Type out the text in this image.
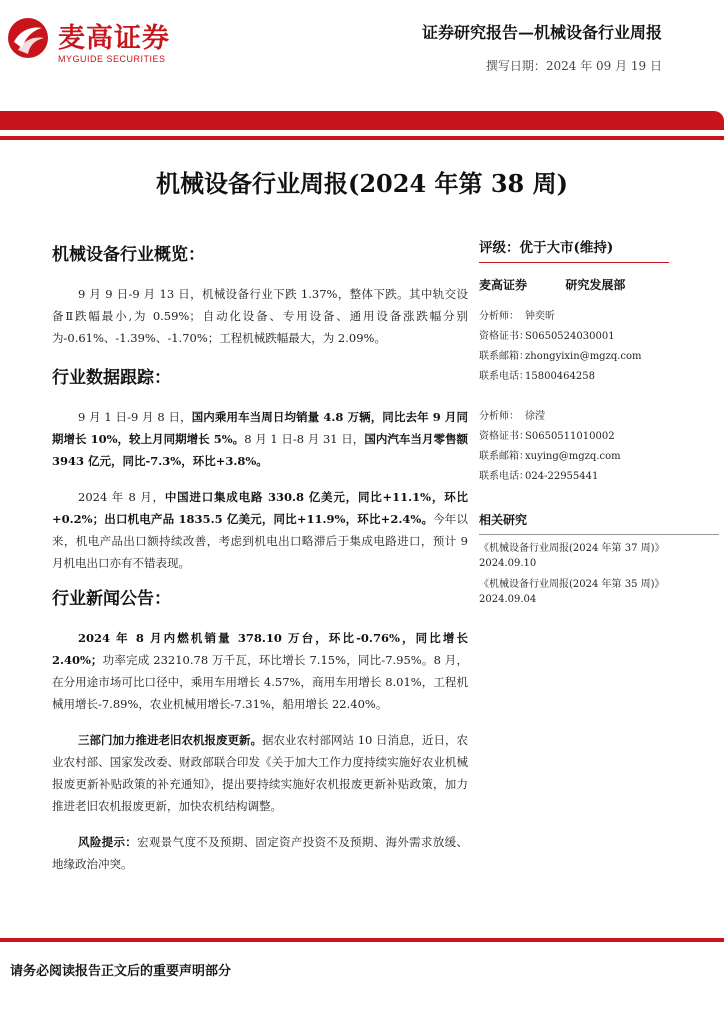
麦高证券
MYGUIDE SECURITIES
证券研究报告—机械设备行业周报
撰写日期：2024 年 09 月 19 日
机械设备行业周报(2024 年第 38 周)
机械设备行业概览：

9 月 9 日-9 月 13 日，机械设备行业下跌 1.37%，整体下跌。其中轨交设备Ⅱ跌幅最小,为 0.59%；自动化设备、专用设备、通用设备涨跌幅分别为-0.61%、-1.39%、-1.70%；工程机械跌幅最大，为 2.09%。

行业数据跟踪：

9 月 1 日-9 月 8 日，国内乘用车当周日均销量 4.8 万辆，同比去年 9 月同期增长 10%，较上月同期增长 5%。8 月 1 日-8 月 31 日，国内汽车当月零售额 3943 亿元，同比-7.3%，环比+3.8%。

2024 年 8 月，中国进口集成电路 330.8 亿美元，同比+11.1%，环比+0.2%；出口机电产品 1835.5 亿美元，同比+11.9%，环比+2.4%。今年以来，机电产品出口额持续改善，考虑到机电出口略滞后于集成电路进口，预计 9 月机电出口亦有不错表现。

行业新闻公告：

2024 年 8 月内燃机销量 378.10 万台，环比-0.76%，同比增长 2.40%；功率完成 23210.78 万千瓦，环比增长 7.15%，同比-7.95%。8 月，在分用途市场可比口径中，乘用车用增长 4.57%，商用车用增长 8.01%，工程机械用增长-7.89%，农业机械用增长-7.31%，船用增长 22.40%。

三部门加力推进老旧农机报废更新。据农业农村部网站 10 日消息，近日，农业农村部、国家发改委、财政部联合印发《关于加大工作力度持续实施好农业机械报废更新补贴政策的补充通知》，提出要持续实施好农机报废更新补贴政策，加力推进老旧农机报废更新，加快农机结构调整。

风险提示：宏观景气度不及预期、固定资产投资不及预期、海外需求放缓、地缘政治冲突。

评级：优于大市(维持)
麦高证券	研究发展部
分析师： 钟奕昕
资格证书：S0650524030001
联系邮箱：zhongyixin@mgzq.com
联系电话：15800464258
分析师： 徐滢
资格证书：S0650511010002
联系邮箱：xuying@mgzq.com
联系电话：024-22955441
相关研究
《机械设备行业周报(2024 年第 37 周)》
2024.09.10
《机械设备行业周报(2024 年第 35 周)》
2024.09.04
请务必阅读报告正文后的重要声明部分
